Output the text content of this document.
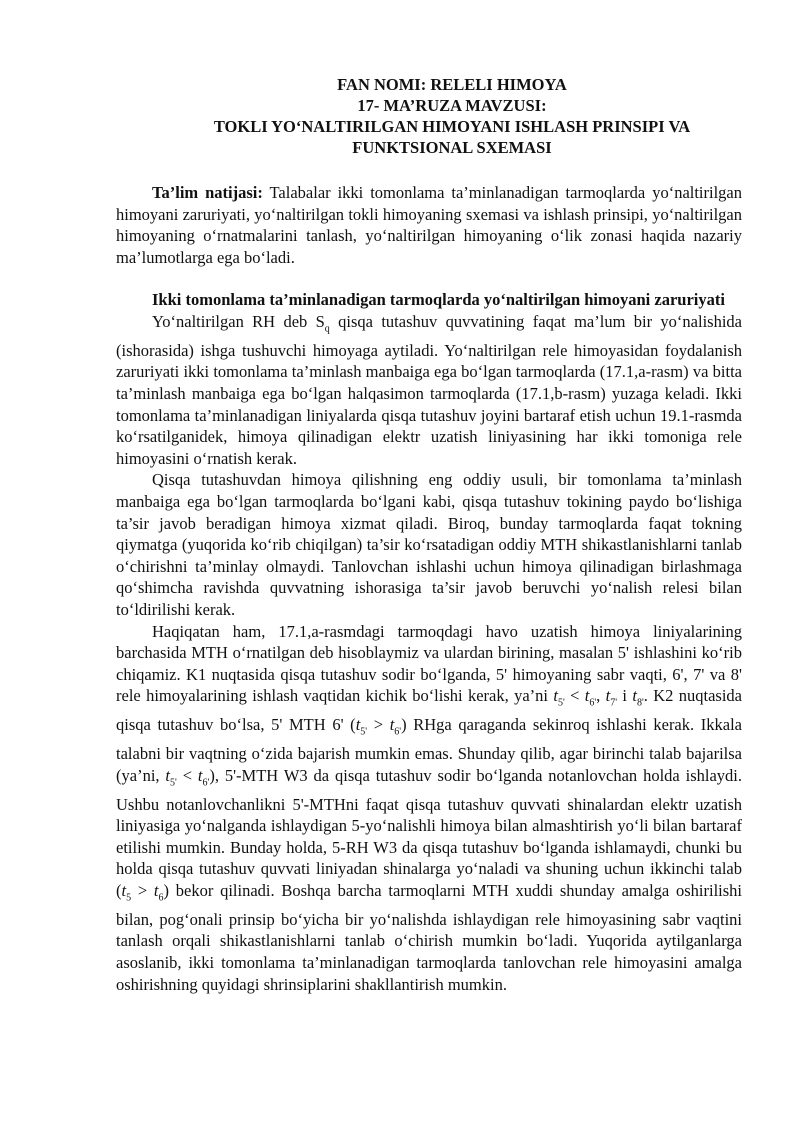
FAN NOMI: RELELI HIMOYA
17- MA’RUZA MAVZUSI:
TOKLI YO‘NALTIRILGAN HIMOYANI ISHLASH PRINSIPI VA
FUNKTSIONAL SXEMASI

Ta’lim natijasi: Talabalar ikki tomonlama ta’minlanadigan tarmoqlarda yo‘naltirilgan himoyani zaruriyati, yo‘naltirilgan tokli himoyaning sxemasi va ishlash prinsipi, yo‘naltirilgan himoyaning o‘rnatmalarini tanlash, yo‘naltirilgan himoyaning o‘lik zonasi haqida nazariy ma’lumotlarga ega bo‘ladi.

Ikki tomonlama ta’minlanadigan tarmoqlarda yo‘naltirilgan himoyani zaruriyati

Yo‘naltirilgan RH deb $S_q$ qisqa tutashuv quvvatining faqat ma’lum bir yo‘nalishida (ishorasida) ishga tushuvchi himoyaga aytiladi. Yo‘naltirilgan rele himoyasidan foydalanish zaruriyati ikki tomonlama ta’minlash manbaiga ega bo‘lgan tarmoqlarda (17.1,a-rasm) va bitta ta’minlash manbaiga ega bo‘lgan halqasimon tarmoqlarda (17.1,b-rasm) yuzaga keladi. Ikki tomonlama ta’minlanadigan liniyalarda qisqa tutashuv joyini bartaraf etish uchun 19.1-rasmda ko‘rsatilganidek, himoya qilinadigan elektr uzatish liniyasining har ikki tomoniga rele himoyasini o‘rnatish kerak.

Qisqa tutashuvdan himoya qilishning eng oddiy usuli, bir tomonlama ta’minlash manbaiga ega bo‘lgan tarmoqlarda bo‘lgani kabi, qisqa tutashuv tokining paydo bo‘lishiga ta’sir javob beradigan himoya xizmat qiladi. Biroq, bunday tarmoqlarda faqat tokning qiymatga (yuqorida ko‘rib chiqilgan) ta’sir ko‘rsatadigan oddiy MTH shikastlanishlarni tanlab o‘chirishni ta’minlay olmaydi. Tanlovchan ishlashi uchun himoya qilinadigan birlashmaga qo‘shimcha ravishda quvvatning ishorasiga ta’sir javob beruvchi yo‘nalish relesi bilan to‘ldirilishi kerak.

Haqiqatan ham, 17.1,a-rasmdagi tarmoqdagi havo uzatish himoya liniyalarining barchasida MTH o‘rnatilgan deb hisoblaymiz va ulardan birining, masalan 5' ishlashini ko‘rib chiqamiz. K1 nuqtasida qisqa tutashuv sodir bo‘lganda, 5' himoyaning sabr vaqti, 6', 7' va 8' rele himoyalarining ishlash vaqtidan kichik bo‘lishi kerak, ya’ni $t_{5'} < t_{6'}$, $t_{7'}$ i $t_{8'}$. K2 nuqtasida qisqa tutashuv bo‘lsa, 5' MTH 6' $(t_{5'} > t_{6'})$ RHga qaraganda sekinroq ishlashi kerak. Ikkala talabni bir vaqtning o‘zida bajarish mumkin emas. Shunday qilib, agar birinchi talab bajarilsa (ya’ni, $t_{5'} < t_{6'}$), 5'-MTH W3 da qisqa tutashuv sodir bo‘lganda notanlovchan holda ishlaydi. Ushbu notanlovchanlikni 5'-MTHni faqat qisqa tutashuv quvvati shinalardan elektr uzatish liniyasiga yo‘nalganda ishlaydigan 5-yo‘nalishli himoya bilan almashtirish yo‘li bilan bartaraf etilishi mumkin. Bunday holda, 5-RH W3 da qisqa tutashuv bo‘lganda ishlamaydi, chunki bu holda qisqa tutashuv quvvati liniyadan shinalarga yo‘naladi va shuning uchun ikkinchi talab $(t_5 > t_6)$ bekor qilinadi. Boshqa barcha tarmoqlarni MTH xuddi shunday amalga oshirilishi bilan, pog‘onali prinsip bo‘yicha bir yo‘nalishda ishlaydigan rele himoyasining sabr vaqtini tanlash orqali shikastlanishlarni tanlab o‘chirish mumkin bo‘ladi. Yuqorida aytilganlarga asoslanib, ikki tomonlama ta’minlanadigan tarmoqlarda tanlovchan rele himoyasini amalga oshirishning quyidagi shrinsiplarini shakllantirish mumkin.
